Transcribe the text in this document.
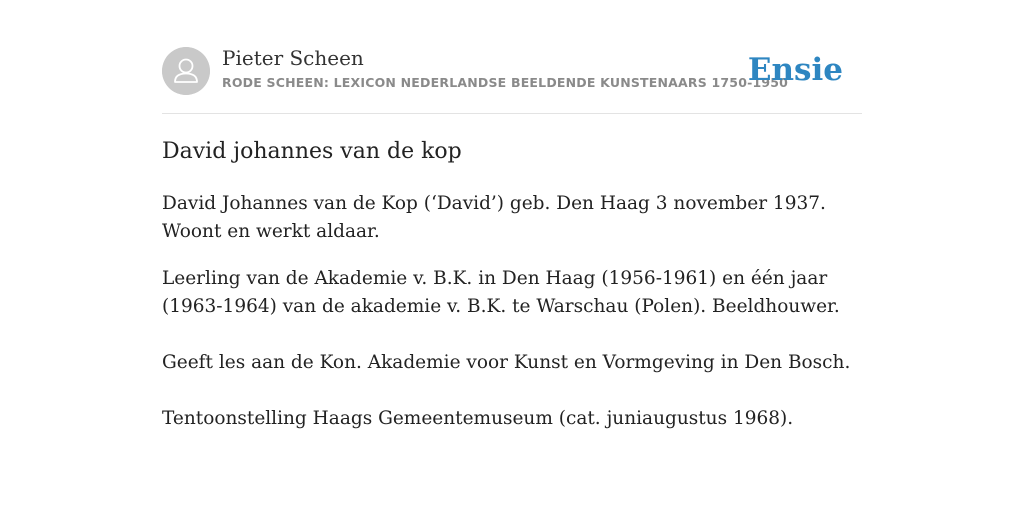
Pieter Scheen
RODE SCHEEN: LEXICON NEDERLANDSE BEELDENDE KUNSTENAARS 1750-1950
Ensie
David johannes van de kop

David Johannes van de Kop (‘David’) geb. Den Haag 3 november 1937. Woont en werkt aldaar.

Leerling van de Akademie v. B.K. in Den Haag (1956-1961) en één jaar (1963-1964) van de akademie v. B.K. te Warschau (Polen). Beeldhouwer.

Geeft les aan de Kon. Akademie voor Kunst en Vormgeving in Den Bosch.

Tentoonstelling Haags Gemeentemuseum (cat. juniaugustus 1968).
